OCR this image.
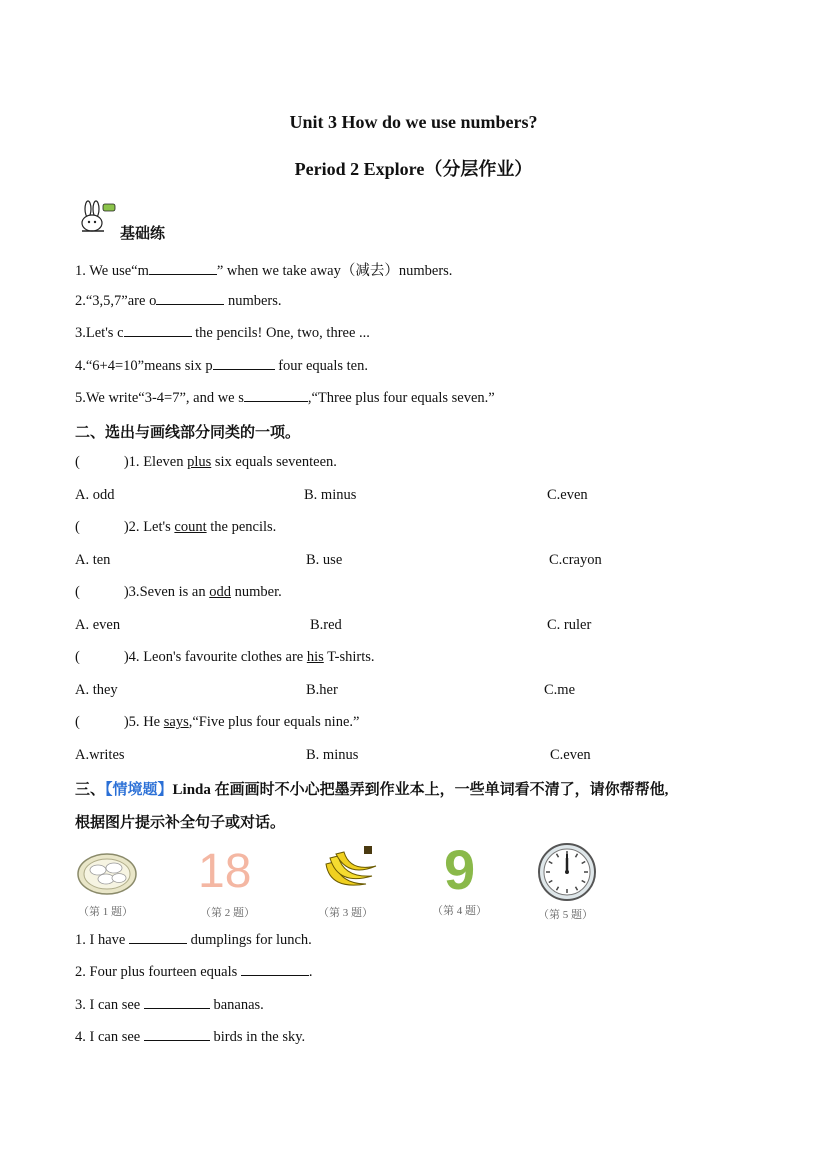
Unit 3 How do we use numbers?
Period 2 Explore（分层作业）
基础练
1. We use“m	” when we take away（减去）numbers.
2.“3,5,7”are o	numbers.
3.Let's c	the pencils! One, two, three ...
4.“6+4=10”means six p	four equals ten.
5.We write“3-4=7”, and we s	,“Three plus four equals seven.”
二、选出与画线部分同类的一项。
(	)1. Eleven plus six equals seventeen.
A. odd	B. minus	C.even
(	)2. Let's count the pencils.
A. ten	B. use	C.crayon
(	)3.Seven is an odd number.
A. even	B.red	C. ruler
(	)4. Leon's favourite clothes are his T-shirts.
A. they	B.her	C.me
(	)5. He says,“Five plus four equals nine.”
A.writes	B. minus	C.even
三、【情境题】Linda 在画画时不小心把墨弄到作业本上，一些单词看不清了，请你帮帮他,
根据图片提示补全句子或对话。
18	9
（第 1 题）	（第 2 题）	（第 3 题）	（第 4 题）	（第 5 题）
1. I have	dumplings for lunch.
2. Four plus fourteen equals	.
3. I can see	bananas.
4. I can see	birds in the sky.
